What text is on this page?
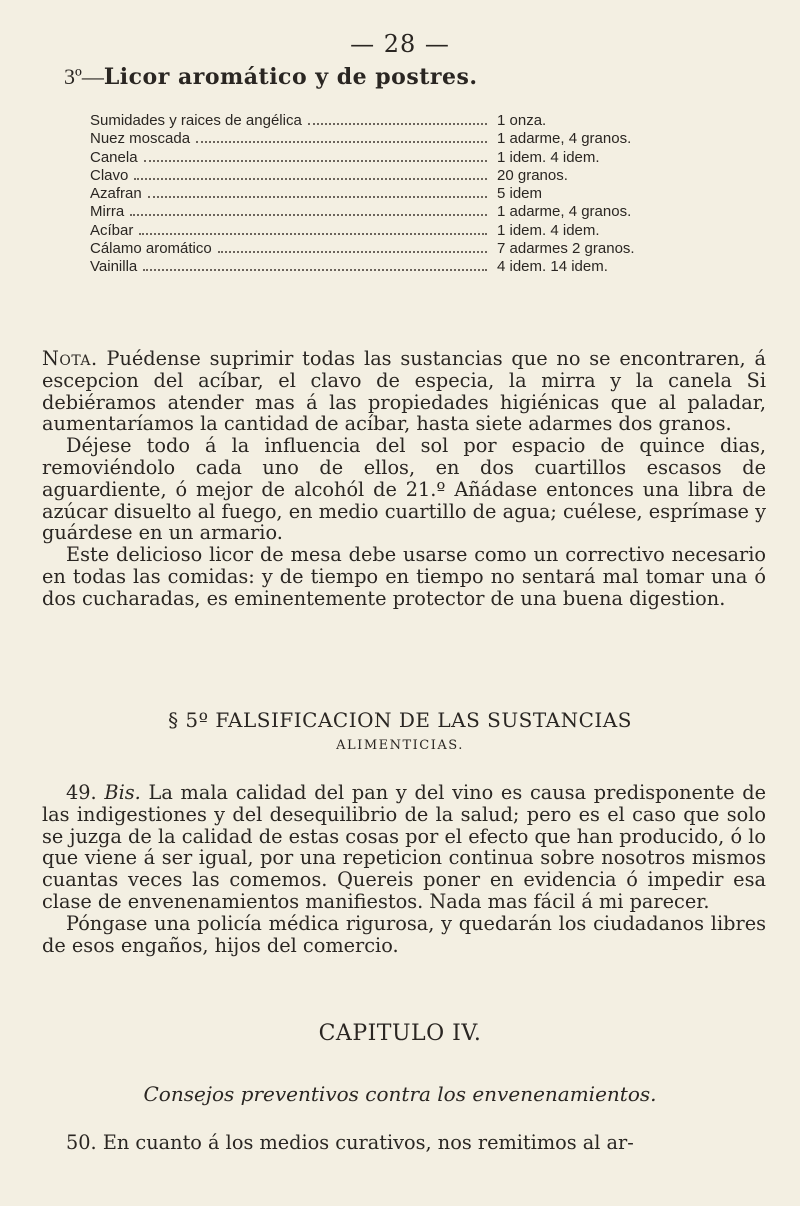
— 28 —
3º—Licor aromático y de postres.
Sumidades y raices de angélica	1 onza.
Nuez moscada	1 adarme, 4 granos.
Canela	1 idem. 4 idem.
Clavo	20 granos.
Azafran	5 idem
Mirra	1 adarme, 4 granos.
Acíbar	1 idem. 4 idem.
Cálamo aromático	7 adarmes 2 granos.
Vainilla	4 idem. 14 idem.

Nota. Puédense suprimir todas las sustancias que no se encontraren, á escepcion del acíbar, el clavo de especia, la mirra y la canela Si debiéramos atender mas á las propiedades higiénicas que al paladar, aumentaríamos la cantidad de acíbar, hasta siete adarmes dos granos.

Déjese todo á la influencia del sol por espacio de quince dias, removiéndolo cada uno de ellos, en dos cuartillos escasos de aguardiente, ó mejor de alcohól de 21.º Añádase entonces una libra de azúcar disuelto al fuego, en medio cuartillo de agua; cuélese, esprímase y guárdese en un armario.

Este delicioso licor de mesa debe usarse como un correctivo necesario en todas las comidas: y de tiempo en tiempo no sentará mal tomar una ó dos cucharadas, es eminentemente protector de una buena digestion.

§ 5º FALSIFICACION DE LAS SUSTANCIAS
ALIMENTICIAS.

49. Bis. La mala calidad del pan y del vino es causa predisponente de las indigestiones y del desequilibrio de la salud; pero es el caso que solo se juzga de la calidad de estas cosas por el efecto que han producido, ó lo que viene á ser igual, por una repeticion continua sobre nosotros mismos cuantas veces las comemos. Quereis poner en evidencia ó impedir esa clase de envenenamientos manifiestos. Nada mas fácil á mi parecer.

Póngase una policía médica rigurosa, y quedarán los ciudadanos libres de esos engaños, hijos del comercio.

CAPITULO IV.
Consejos preventivos contra los envenenamientos.

50. En cuanto á los medios curativos, nos remitimos al ar-
